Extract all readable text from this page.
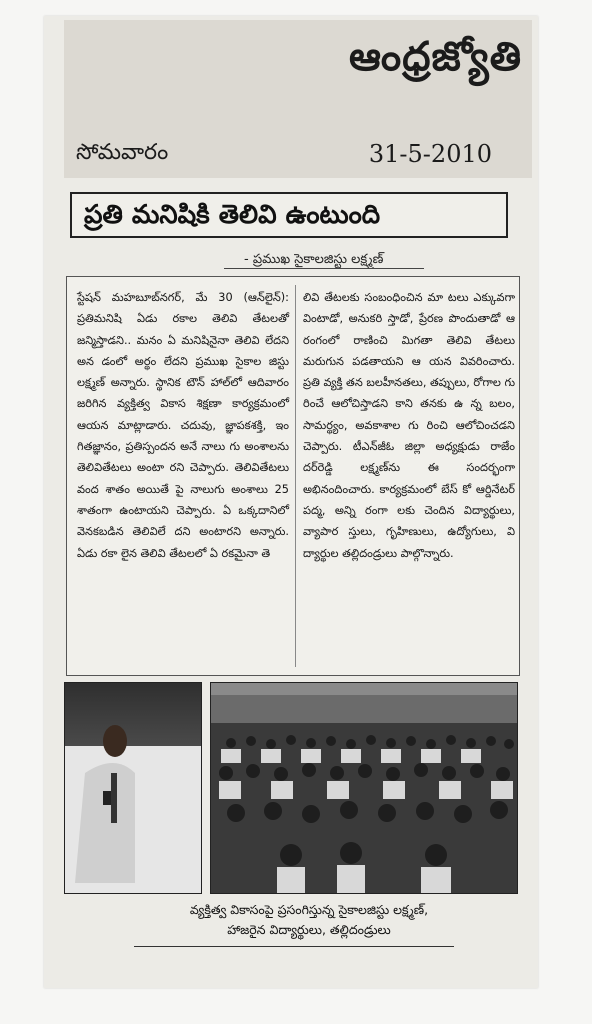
ఆంధ్రజ్యోతి
సోమవారం	31-5-2010
ప్రతి మనిషికి తెలివి ఉంటుంది
- ప్రముఖ సైకాలజిస్టు లక్ష్మణ్
స్టేషన్ మహబూబ్‌నగర్, మే 30 (ఆన్‌లైన్): ప్రతిమనిషి ఏడు రకాల తెలివి తేటలతో జన్మిస్తాడని.. మనం ఏ మనిషినైనా తెలివి లేదని అన డంలో అర్థం లేదని ప్రముఖ సైకాల జిస్టు లక్ష్మణ్ అన్నారు. స్థానిక టౌన్ హాల్‌లో ఆదివారం జరిగిన వ్యక్తిత్వ వికాస శిక్షణా కార్యక్రమంలో ఆయన మాట్లాడారు. చదువు, జ్ఞాపకశక్తి, ఇం గితజ్ఞానం, ప్రతిస్పందన అనే నాలు గు అంశాలను తెలివితేటలు అంటా రని చెప్పారు. తెలివితేటలు వంద శాతం అయితే పై నాలుగు అంశాలు 25 శాతంగా ఉంటాయని చెప్పారు. ఏ ఒక్కదానిలో వెనకబడిన తెలివిలే దని అంటారని అన్నారు. ఏడు రకా లైన తెలివి తేటలలో ఏ రకమైనా తె
లివి తేటలకు సంబంధించిన మా టలు ఎక్కువగా వింటాడో, అనుకరి స్తాడో, ప్రేరణ పొందుతాడో ఆ రంగంలో రాణించి మిగతా తెలివి తేటలు మరుగున పడతాయని ఆ యన వివరించారు. ప్రతి వ్యక్తి తన బలహీనతలు, తప్పులు, రోగాల గు రించే ఆలోచిస్తాడని కాని తనకు ఉ న్న బలం, సామర్థ్యం, అవకాశాల గు రించి ఆలోచించడని చెప్పారు. టీఎన్‌జీఓ జిల్లా అధ్యక్షుడు రాజేం దర్‌రెడ్డి లక్ష్మణ్‌ను ఈ సందర్భంగా అభినందించారు. కార్యక్రమంలో బేస్ కో ఆర్డినేటర్ పద్మ, అన్ని రంగా లకు చెందిన విద్యార్థులు, వ్యాపార స్తులు, గృహిణులు, ఉద్యోగులు, వి ద్యార్థుల తల్లిదండ్రులు పాల్గొన్నారు.
వ్యక్తిత్వ వికాసంపై ప్రసంగిస్తున్న సైకాలజిస్టు లక్ష్మణ్,
హాజరైన విద్యార్థులు, తల్లిదండ్రులు
